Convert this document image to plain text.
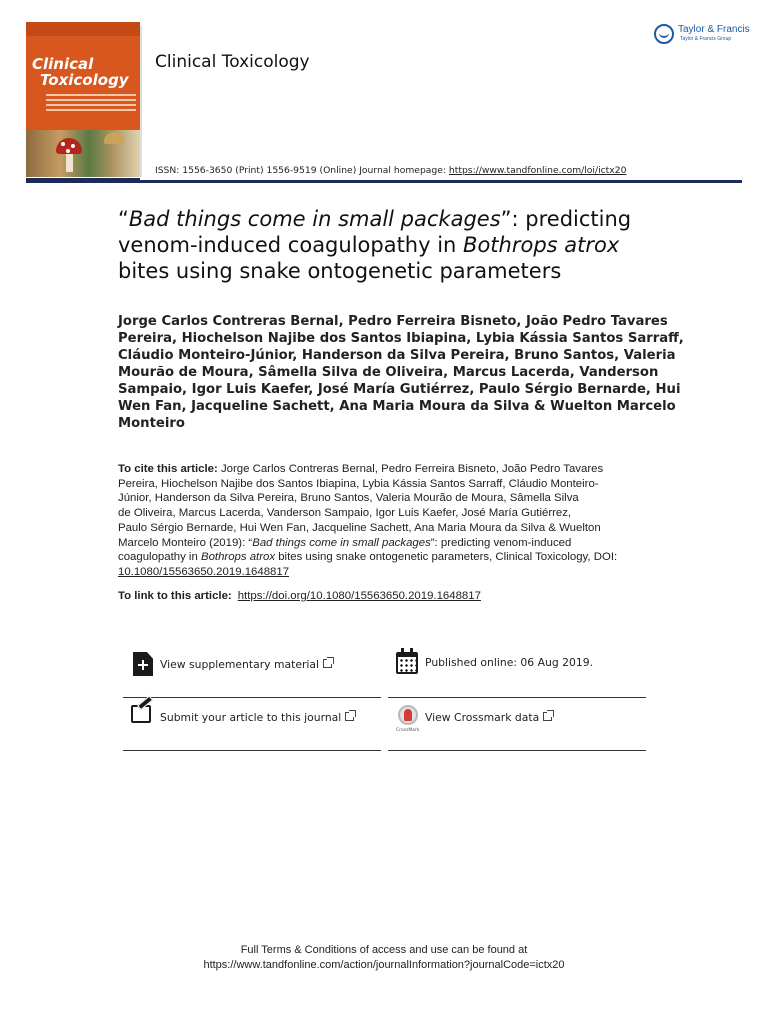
Clinical
Toxicology
Clinical Toxicology
Taylor & Francis
Taylor & Francis Group
ISSN: 1556-3650 (Print) 1556-9519 (Online) Journal homepage: https://www.tandfonline.com/loi/ictx20
“Bad things come in small packages”: predicting
venom-induced coagulopathy in Bothrops atrox
bites using snake ontogenetic parameters
Jorge Carlos Contreras Bernal, Pedro Ferreira Bisneto, João Pedro Tavares
Pereira, Hiochelson Najibe dos Santos Ibiapina, Lybia Kássia Santos Sarraff,
Cláudio Monteiro-Júnior, Handerson da Silva Pereira, Bruno Santos, Valeria
Mourão de Moura, Sâmella Silva de Oliveira, Marcus Lacerda, Vanderson
Sampaio, Igor Luis Kaefer, José María Gutiérrez, Paulo Sérgio Bernarde, Hui
Wen Fan, Jacqueline Sachett, Ana Maria Moura da Silva & Wuelton Marcelo
Monteiro
To cite this article: Jorge Carlos Contreras Bernal, Pedro Ferreira Bisneto, João Pedro Tavares
Pereira, Hiochelson Najibe dos Santos Ibiapina, Lybia Kássia Santos Sarraff, Cláudio Monteiro-
Júnior, Handerson da Silva Pereira, Bruno Santos, Valeria Mourão de Moura, Sâmella Silva
de Oliveira, Marcus Lacerda, Vanderson Sampaio, Igor Luis Kaefer, José María Gutiérrez,
Paulo Sérgio Bernarde, Hui Wen Fan, Jacqueline Sachett, Ana Maria Moura da Silva & Wuelton
Marcelo Monteiro (2019): “Bad things come in small packages”: predicting venom-induced
coagulopathy in Bothrops atrox bites using snake ontogenetic parameters, Clinical Toxicology, DOI:
10.1080/15563650.2019.1648817
To link to this article: https://doi.org/10.1080/15563650.2019.1648817
View supplementary material	Published online: 06 Aug 2019.
Submit your article to this journal
CrossMark
View Crossmark data
Full Terms & Conditions of access and use can be found at
https://www.tandfonline.com/action/journalInformation?journalCode=ictx20
